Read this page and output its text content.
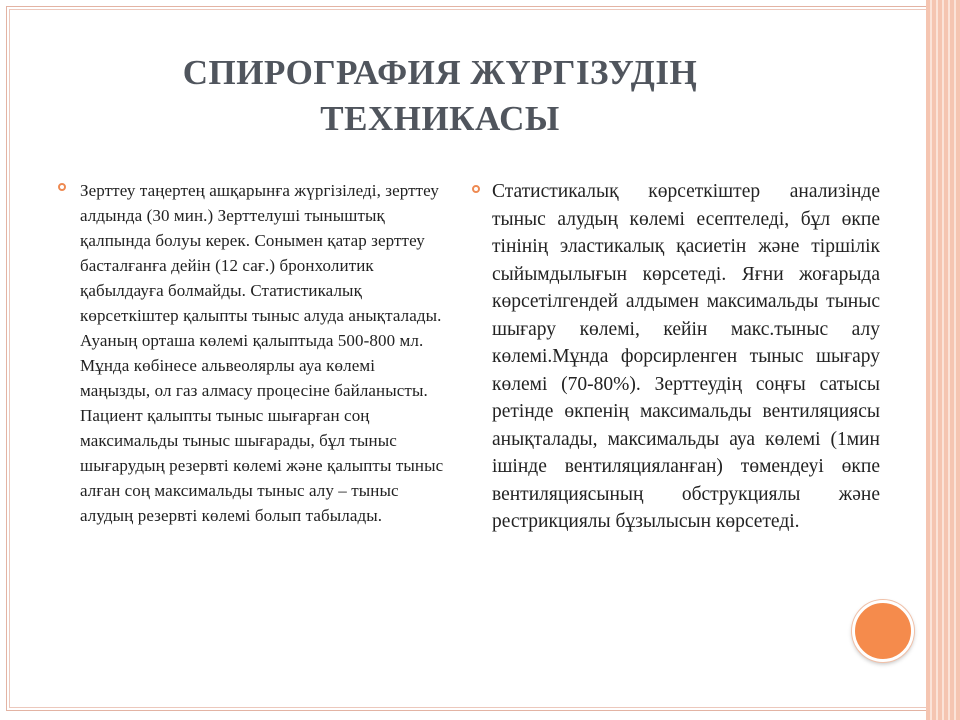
СПИРОГРАФИЯ ЖҮРГІЗУДІҢ ТЕХНИКАСЫ
Зерттеу таңертең ашқарынға жүргізіледі, зерттеу алдында (30 мин.) Зерттелуші тыныштық қалпында болуы керек. Сонымен қатар зерттеу басталғанға дейін (12 сағ.) бронхолитик қабылдауға болмайды. Статистикалық көрсеткіштер қалыпты тыныс алуда анықталады. Ауаның орташа көлемі қалыптыда 500-800 мл. Мұнда көбінесе альвеолярлы ауа көлемі маңызды, ол газ алмасу процесіне байланысты. Пациент қалыпты тыныс шығарған соң максимальды тыныс шығарады, бұл тыныс шығарудың резервті көлемі және қалыпты тыныс алған соң максимальды тыныс алу – тыныс алудың резервті көлемі болып табылады.
Статистикалық көрсеткіштер анализінде тыныс алудың көлемі есептеледі, бұл өкпе тінінің эластикалық қасиетін және тіршілік сыйымдылығын көрсетеді. Яғни жоғарыда көрсетілгендей алдымен максимальды тыныс шығару көлемі, кейін макс.тыныс алу көлемі.Мұнда форсирленген тыныс шығару көлемі (70-80%). Зерттеудің соңғы сатысы ретінде өкпенің максимальды вентиляциясы анықталады, максимальды ауа көлемі (1мин ішінде вентиляцияланған) төмендеуі өкпе вентиляциясының обструкциялы және рестрикциялы бұзылысын көрсетеді.
